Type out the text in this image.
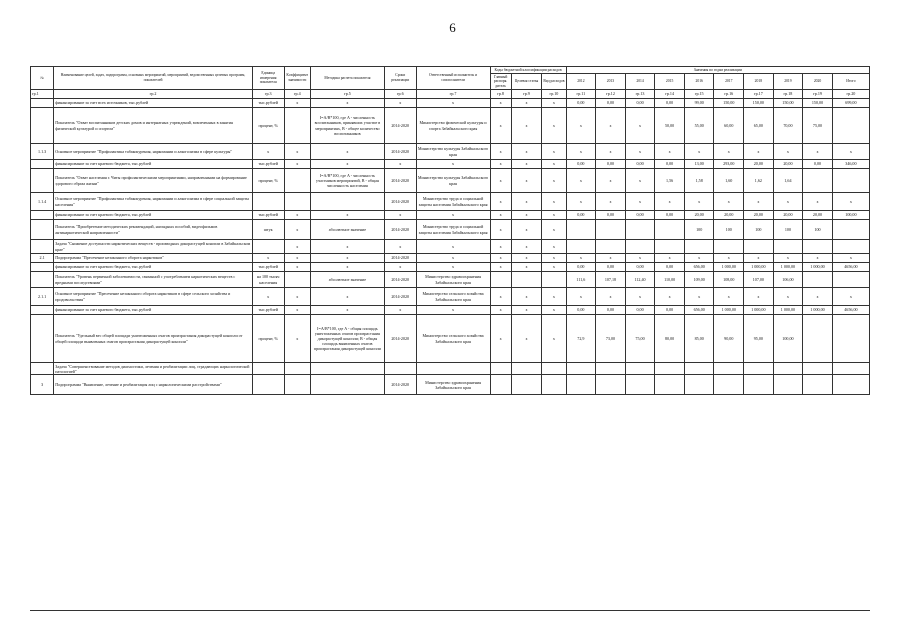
6
№	Наименование целей, задач, подпрограмм, основных мероприятий, мероприятий, ведомственных целевых программ, показателей	Единица измерения показателя	Коэффициент значимости	Методика расчета показателя	Сроки реализации	Ответственный исполнитель и соисполнители	Коды бюджетной классификации расходов			Значения по годам реализации									
							Главный распоря. дитель	Целевая статья	Вид расходов	2012	2013	2014	2015	2016	2017	2018	2019	2020	Итого

гр.1	гр.2	гр.3	гр.4	гр.5	гр.6	гр.7	гр.8	гр.9	гр.10	гр.11	гр.12	гр.13	гр.14	гр.15	гр.16	гр.17	гр.18	гр.19	гр.20
	финансирование за счет всех источников, тыс.рублей	тыс.рублей	x	x	x	x	x	x	x	0,00	0,00	0,00	0,00	99,00	150,00	150,00	150,00	150,00	699,00
	Показатель "Охват воспитанников детских домов и интернатных учреждений, вовлеченных в занятия физической культурой и спортом"	процент, %		I=A/B*100, где A - численность воспитанников, принявших участие в мероприятиях, B - общее количество воспитанников	2014-2020	Министерство физической культуры и спорта Забайкальского края	x	x	x	x	x	x	50,00	55,00	60,00	65,00	70,00	75,00	
1.1.3	Основное мероприятие "Профилактика табакокурения, наркомании и алкоголизма в сфере культуры"	x	x	x	2014-2020	Министерство культуры Забайкальского края	x	x	x	x	x	x	x	x	x	x	x	x	x
	финансирование за счет краевого бюджета, тыс.рублей	тыс.рублей	x	x	x	x	x	x	x	0,00	0,00	0,00	0,00	13,00	293,00	20,00	20,00	0,00	346,00
	Показатель "Охват населения г. Читы профилактическими мероприятиями, направленными на формирование здорового образа жизни"	процент, %		I=A/B*100, где A - численность участников мероприятий, B - общая численность населения	2014-2020	Министерство культуры Забайкальского края	x	x	x	x	x	x	1,56	1,58	1,60	1,62	1,64		
1.1.4	Основное мероприятие "Профилактика табакокурения, наркомании и алкоголизма в сфере социальной защиты населения"				2014-2020	Министерство труда и социальной защиты населения Забайкальского края	x	x	x	x	x	x	x	x	x	x	x	x	x
	финансирование за счет краевого бюджета, тыс.рублей	тыс.рублей	x	x	x	x	x	x	x	0,00	0,00	0,00	0,00	20,00	20,00	20,00	20,00	20,00	100,00
	Показатель "Приобретение методических рекомендаций, наглядных пособий, видеофильмов антинаркотической направленности"	штук	x	абсолютное значение	2014-2020	Министерство труда и социальной защиты населения Забайкальского края	x	x	x					100	100	100	100	100	
	Задача "Снижение доступности наркотических веществ - производных дикорастущей конопли в Забайкальском крае"		x	x	x	x	x	x	x										
2.1	Подпрограмма "Пресечение незаконного оборота наркотиков"	x	x	x	2014-2020	x	x	x	x	x	x	x	x	x	x	x	x	x	x
	финансирование за счет краевого бюджета, тыс.рублей	тыс.рублей	x	x	x	x	x	x	x	0,00	0,00	0,00	0,00	656,00	1 000,00	1 000,00	1 000,00	1 000,00	4656,00
	Показатель "Уровень первичной заболеваемости, связанной с употреблением наркотических веществ с вредными последствиями"	на 100 тысяч населения		абсолютное значение	2014-2020	Министерство здравоохранения Забайкальского края				111,6	107,18	112,40	110,00	109,00	108,00	107,00	106,00		
2.1.1	Основное мероприятие "Пресечение незаконного оборота наркотиков в сфере сельского хозяйства и продовольствия"	x	x	x	2014-2020	Министерство сельского хозяйства Забайкальского края	x	x	x	x	x	x	x	x	x	x	x	x	x
	финансирование за счет краевого бюджета, тыс.рублей	тыс.рублей	x	x	x	x	x	x	x	0,00	0,00	0,00	0,00	656,00	1 000,00	1 000,00	1 000,00	1 000,00	4656,00
	Показатель "Удельный вес общей площади уничтоженных очагов произрастания дикорастущей конопли от общей площади выявленных очагов произрастания дикорастущей конопли"	процент, %	x	I=A/B*100, где A - общая площадь уничтоженных очагов произрастания дикорастущей конопли; B - общая площадь выявленных очагов произрастания дикорастущей конопли	2014-2020	Министерство сельского хозяйства Забайкальского края	x	x	x	72,9	73,00	75,00	80,00	85,00	90,00	95,00	100,00		
	Задача "Совершенствование методов диагностики, лечения и реабилитации лиц, страдающих наркологической патологией"																		
3	Подпрограмма "Выявление, лечение и реабилитация лиц с наркологическими расстройствами"				2014-2020	Министерство здравоохранения Забайкальского края													
